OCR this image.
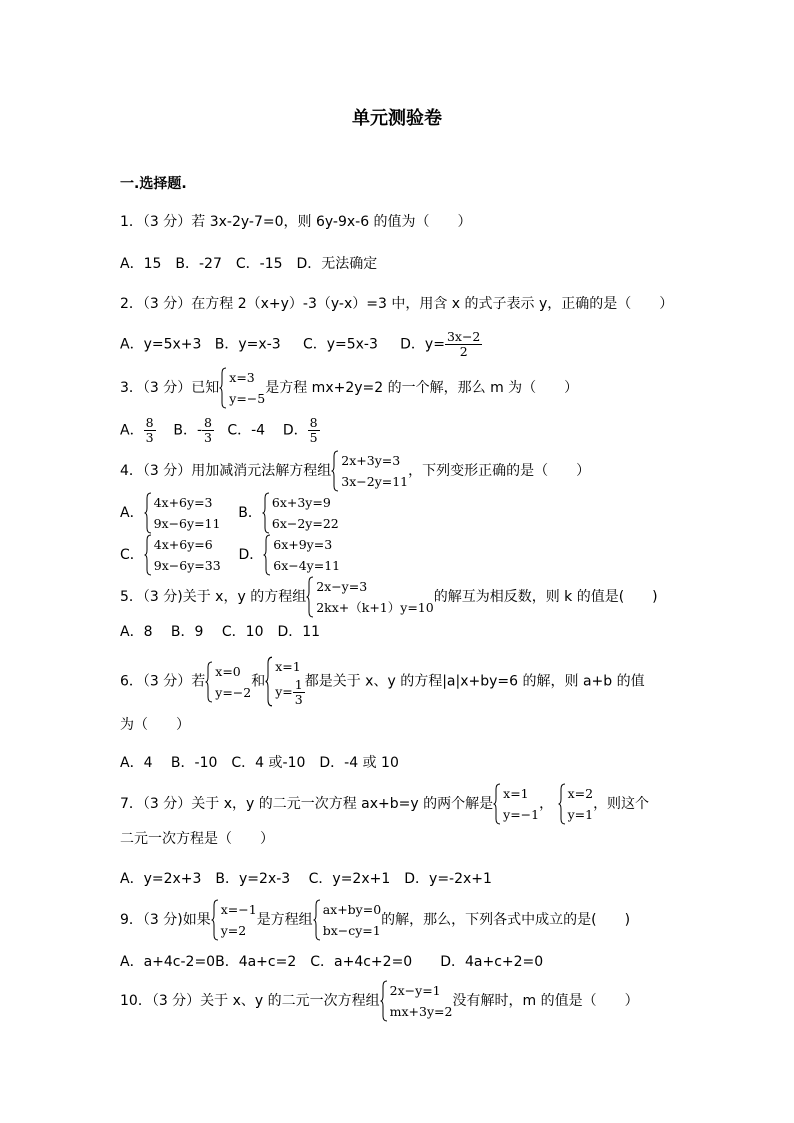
单元测验卷
一.选择题.
1．（3 分）若 3x-2y-7=0，则 6y-9x-6 的值为（　　）
A．15　B．-27　C．-15　D．无法确定
2．（3 分）在方程 2（x+y）-3（y-x）=3 中，用含 x 的式子表示 y，正确的是（　　）
A．y=5x+3 B．y=x-3 C．y=5x-3 D．$y= \frac{3x-2}{2}$
3．（3 分）已知
x=3
y=−5
是方程 mx+2y=2 的一个解，那么 m 为（　　）
A． $\frac{8}{3}$ B．- $\frac{8}{3}$ C．-4 D． $\frac{8}{5}$
4．（3 分）用加减消元法解方程组
2x+3y=3
3x−2y=11
，下列变形正确的是（　　）
A．
4x+6y=3
9x−6y=11
B．
6x+3y=9
6x−2y=22
C．
4x+6y=6
9x−6y=33
D．
6x+9y=3
6x−4y=11
5．（3 分)关于 x，y 的方程组
2x−y=3
2kx+（k+1）y=10
的解互为相反数，则 k 的值是(　　)
A．8　 B．9　 C．10　D．11
6．（3 分）若
x=0
y=−2
和
x=1
$y= \frac{1}{3}$ 都是关于 x、y 的方程|a|x+by=6 的解，则 a+b 的值
为（　　）
A．4　 B．-10　C．4 或-10　D．-4 或 10
7．（3 分）关于 x，y 的二元一次方程 ax+b=y 的两个解是
x=1
y=−1
，
x=2
y=1
，则这个
二元一次方程是（　　）
A．y=2x+3　B．y=2x-3　 C．y=2x+1　D．y=-2x+1
9．（3 分)如果
x=−1
y=2
是方程组
ax+by=0
bx−cy=1
的解，那么，下列各式中成立的是(　　)
A．a+4c-2=0B．4a+c=2　C．a+4c+2=0　　D．4a+c+2=0
10．（3 分）关于 x、y 的二元一次方程组
2x−y=1
mx+3y=2
没有解时，m 的值是（　　）
